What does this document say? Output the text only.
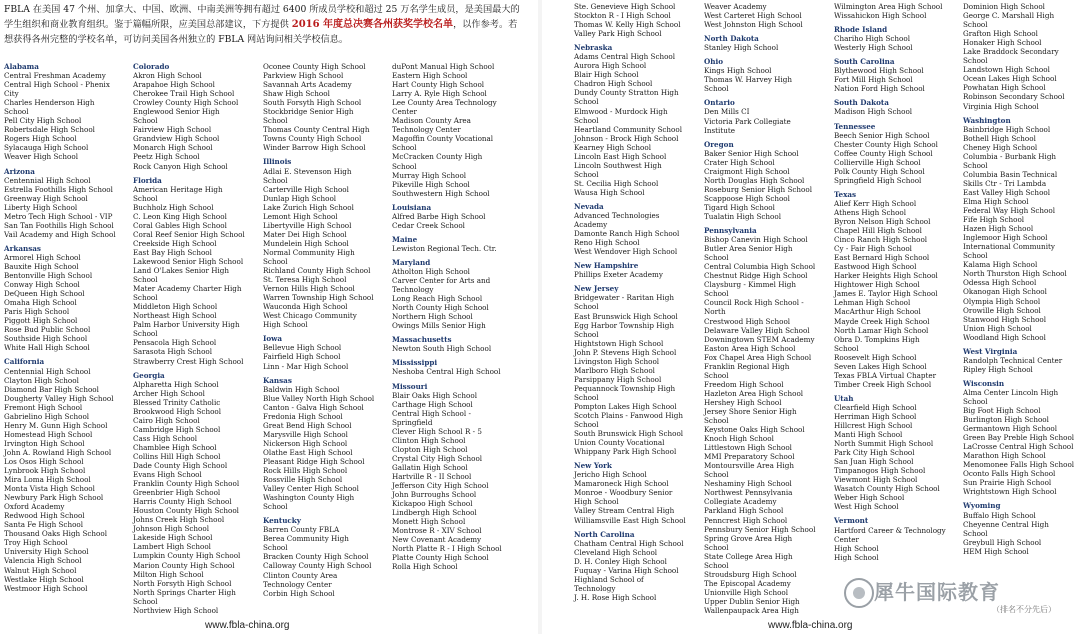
FBLA 在美国 47 个州、加拿大、中国、欧洲、中南美洲等拥有超过 6400 所成员学校和超过 25 万名学生成员，是美国最大的学生组织和商业教育组织。鉴于篇幅所限，应美国总部建议，下方提供 2016 年度总决赛各州获奖学校名单，以作参考。若想获得各州完整的学校名单，可访问美国各州独立的 FBLA 网站询问相关学校信息。
Alabama
Central Freshman Academy
Central High School - Phenix City
Charles Henderson High School
Pell City High School
Robertsdale High School
Rogers High School
Sylacauga High School
Weaver High School
Arizona
Centennial High School
Estrella Foothills High School
Greenway High School
Liberty High School
Metro Tech High School - VIP
San Tan Foothills High School
Vail Academy and High School
Arkansas
Armorel High School
Bauxite High School
Bentonville High School
Conway High School
DeQueen High School
Omaha High School
Paris High School
Piggott High School
Rose Bud Public School
Southside High School
White Hall High School
California
Centennial High School
Clayton High School
Diamond Bar High School
Dougherty Valley High School
Fremont High School
Gabrielino High School
Henry M. Gunn High School
Homestead High School
Irvington High School
John A. Rowland High School
Los Osos High School
Lynbrook High School
Mira Loma High School
Monta Vista High School
Newbury Park High School
Oxford Academy
Redwood High School
Santa Fe High School
Thousand Oaks High School
Troy High School
University High School
Valencia High School
Walnut High School
Westlake High School
Westmoor High School
Colorado
Akron High School
Arapahoe High School
Cherokee Trail High School
Crowley County High School
Englewood Senior High School
Fairview High School
Grandview High School
Monarch High School
Peetz High School
Rock Canyon High School
Florida
American Heritage High School
Buchholz High School
C. Leon King High School
Coral Gables High School
Coral Reef Senior High School
Creekside High School
East Bay High School
Lakewood Senior High School
Land O'Lakes Senior High School
Mater Academy Charter High School
Middleton High School
Northeast High School
Palm Harbor University High School
Pensacola High School
Sarasota High School
Strawberry Crest High School
Georgia
Alpharetta High School
Archer High School
Blessed Trinity Catholic
Brookwood High School
Cairo High School
Cambridge High School
Cass High School
Chamblee High School
Collins Hill High School
Dade County High School
Evans High School
Franklin County High School
Greenbrier High School
Harris County High School
Houston County High School
Johns Creek High School
Johnson High School
Lakeside High School
Lambert High School
Lumpkin County High School
Marion County High School
Milton High School
North Forsyth High School
North Springs Charter High School
Northview High School
Oconee County High School
Parkview High School
Savannah Arts Academy
Shaw High School
South Forsyth High School
Stockbridge Senior High School
Thomas County Central High
Towns County High School
Winder Barrow High School
Illinois
Adlai E. Stevenson High School
Carterville High School
Dunlap High School
Lake Zurich High School
Lemont High School
Libertyville High School
Mater Dei High School
Mundelein High School
Normal Community High School
Richland County High School
St. Teresa High School
Vernon Hills High School
Warren Township High School
Wauconda High School
West Chicago Community High School
Iowa
Bellevue High School
Fairfield High School
Linn - Mar High School
Kansas
Baldwin High School
Blue Valley North High School
Canton - Galva High School
Fredonia High School
Great Bend High School
Marysville High School
Nickerson High School
Olathe East High School
Pleasant Ridge High School
Rock Hills High School
Rossville High School
Valley Center High School
Washington County High School
Kentucky
Barren County FBLA
Berea Community High School
Bracken County High School
Calloway County High School
Clinton County Area Technology Center
Corbin High School
duPont Manual High School
Eastern High School
Hart County High School
Larry A. Ryle High School
Lee County Area Technology Center
Madison County Area Technology Center
Magoffin County Vocational School
McCracken County High School
Murray High School
Pikeville High School
Southwestern High School
Louisiana
Alfred Barbe High School
Cedar Creek School
Maine
Lewiston Regional Tech. Ctr.
Maryland
Atholton High School
Carver Center for Arts and Technology
Long Reach High School
North County High School
Northern High School
Owings Mills Senior High
Massachusetts
Newton South High School
Mississippi
Neshoba Central High School
Missouri
Blair Oaks High School
Carthage High School
Central High School - Springfield
Clever High School R - 5
Clinton High School
Clopton High School
Crystal City High School
Gallatin High School
Hartville R - II School
Jefferson City High School
John Burroughs School
Kickapoo High School
Lindbergh High School
Monett High School
Montrose R - XIV School
New Covenant Academy
North Platte R - I High School
Platte County High School
Rolla High School
www.fbla-china.org
Ste. Genevieve High School
Stockton R - I High School
Thomas W. Kelly High School
Valley Park High School
Nebraska
Adams Central High School
Aurora High School
Blair High School
Chadron High School
Dundy County Stratton High School
Elmwood - Murdock High School
Heartland Community School
Johnson - Brock High School
Kearney High School
Lincoln East High School
Lincoln Southwest High School
St. Cecilia High School
Wausa High School
Nevada
Advanced Technologies Academy
Damonte Ranch High School
Reno High School
West Wendover High School
New Hampshire
Phillips Exeter Academy
New Jersey
Bridgewater - Raritan High School
East Brunswick High School
Egg Harbor Township High School
Hightstown High School
John P. Stevens High School
Livingston High School
Marlboro High School
Parsippany High School
Pequannock Township High School
Pompton Lakes High School
Scotch Plains - Fanwood High School
South Brunswick High School
Union County Vocational
Whippany Park High School
New York
Jericho High School
Mamaroneck High School
Monroe - Woodbury Senior High School
Valley Stream Central High
Williamsville East High School
North Carolina
Chatham Central High School
Cleveland High School
D. H. Conley High School
Fuquay - Varina High School
Highland School of Technology
J. H. Rose High School
Weaver Academy
West Carteret High School
West Johnston High School
North Dakota
Stanley High School
Ohio
Kings High School
Thomas W. Harvey High School
Ontario
Den Mills CI
Victoria Park Collegiate Institute
Oregon
Baker Senior High School
Crater High School
Craigmont High School
North Douglas High School
Roseburg Senior High School
Scappoose High School
Tigard High School
Tualatin High School
Pennsylvania
Bishop Canevin High School
Butler Area Senior High School
Central Columbia High School
Chestnut Ridge High School
Claysburg - Kimmel High School
Council Rock High School - North
Crestwood High School
Delaware Valley High School
Downingtown STEM Academy
Easton Area High School
Fox Chapel Area High School
Franklin Regional High School
Freedom High School
Hazleton Area High School
Hershey High School
Jersey Shore Senior High School
Keystone Oaks High School
Knoch High School
Littlestown High School
MMI Preparatory School
Montoursville Area High School
Neshaminy High School
Northwest Pennsylvania Collegiate Academy
Parkland High School
Penncrest High School
Pennsbury Senior High School
Spring Grove Area High School
State College Area High School
Stroudsburg High School
The Episcopal Academy
Unionville High School
Upper Dublin Senior High
Wallenpaupack Area High
Wilmington Area High School
Wissahickon High School
Rhode Island
Chariho High School
Westerly High School
South Carolina
Blythewood High School
Fort Mill High School
Nation Ford High School
South Dakota
Madison High School
Tennessee
Beech Senior High School
Chester County High School
Coffee County High School
Collierville High School
Polk County High School
Springfield High School
Texas
Alief Kerr High School
Athens High School
Byron Nelson High School
Chapel Hill High School
Cinco Ranch High School
Cy - Fair High School
East Bernard High School
Eastwood High School
Harker Heights High School
Hightower High School
James E. Taylor High School
Lehman High School
MacArthur High School
Mayde Creek High School
North Lamar High School
Obra D. Tompkins High School
Roosevelt High School
Seven Lakes High School
Texas FBLA Virtual Chapter
Timber Creek High School
Utah
Clearfield High School
Herriman High School
Hillcrest High School
Manti High School
North Summit High School
Park City High School
San Juan High School
Timpanogos High School
Viewmont High School
Wasatch County High School
Weber High School
West High School
Vermont
Hartford Career & Technology Center
High School
High School
Dominion High School
George C. Marshall High School
Grafton High School
Honaker High School
Lake Braddock Secondary School
Landstown High School
Ocean Lakes High School
Powhatan High School
Robinson Secondary School
Virginia High School
Washington
Bainbridge High School
Bothell High School
Cheney High School
Columbia - Burbank High School
Columbia Basin Technical Skills Ctr - Tri Lambda
East Valley High School
Elma High School
Federal Way High School
Fife High School
Hazen High School
Inglemoor High School
International Community School
Kalama High School
North Thurston High School
Odessa High School
Okanogan High School
Olympia High School
Orowille High School
Stanwood High School
Union High School
Woodland High School
West Virginia
Randolph Technical Center
Ripley High School
Wisconsin
Alma Center Lincoln High School
Big Foot High School
Burlington High School
Germantown High School
Green Bay Preble High School
LaCrosse Central High School
Marathon High School
Menomonee Falls High School
Oconto Falls High School
Sun Prairie High School
Wrightstown High School
Wyoming
Buffalo High School
Cheyenne Central High School
Greybull High School
HEM High School
www.fbla-china.org
犀牛国际教育
（排名不分先后）
